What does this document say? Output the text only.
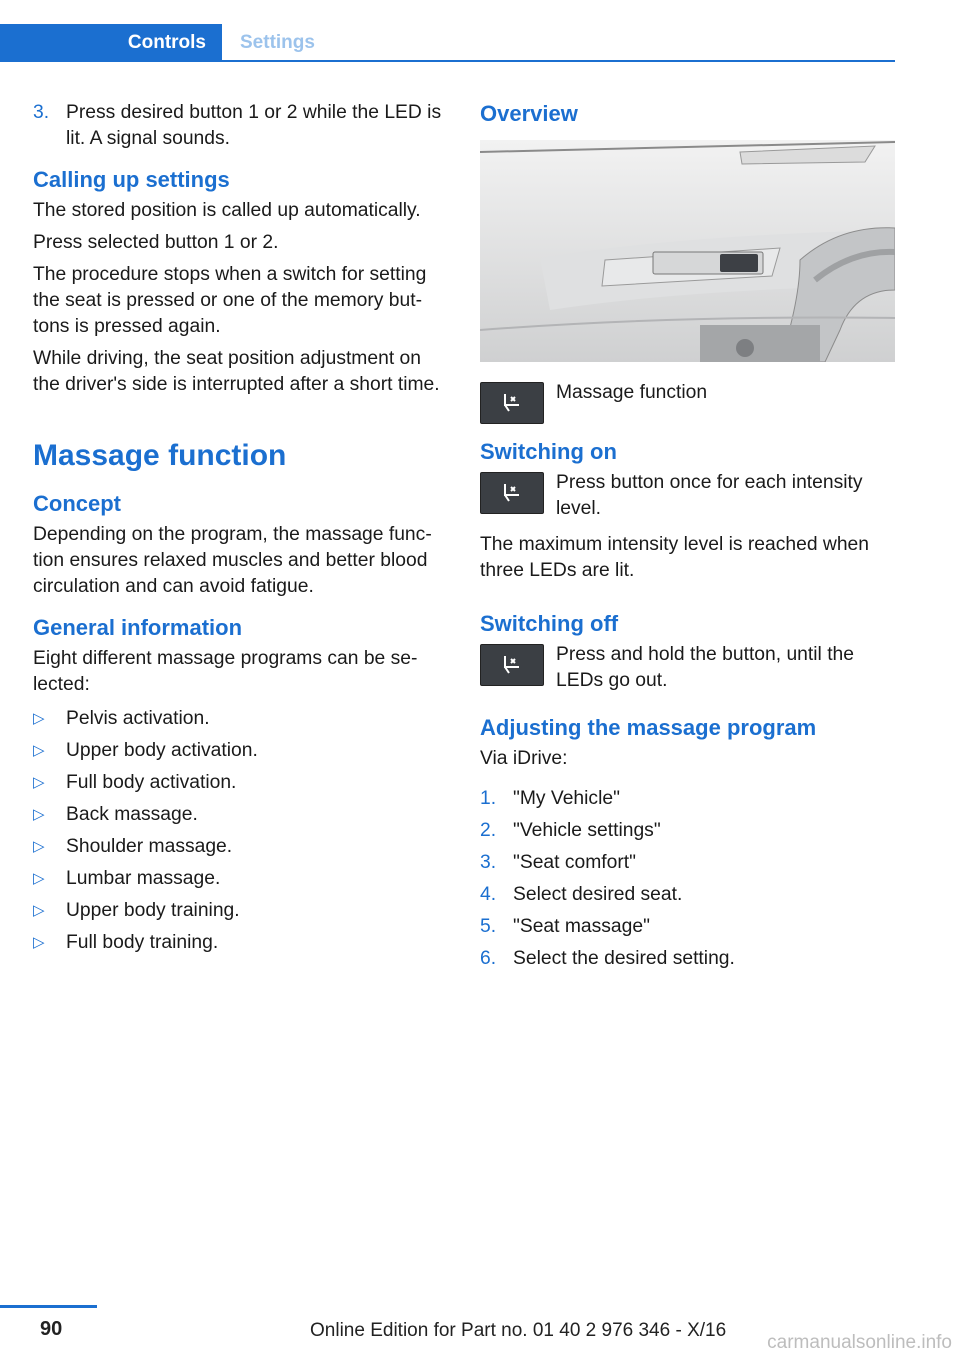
Controls	Settings
3. Press desired button 1 or 2 while the LED is lit. A signal sounds.
Calling up settings

The stored position is called up automatically.

Press selected button 1 or 2.

The procedure stops when a switch for setting the seat is pressed or one of the memory but tons is pressed again.

While driving, the seat position adjustment on the driver's side is interrupted after a short time.

Massage function
Concept

Depending on the program, the massage func tion ensures relaxed muscles and better blood circulation and can avoid fatigue.

General information

Eight different massage programs can be se lected:

▷	Pelvis activation.
▷	Upper body activation.
▷	Full body activation.
▷	Back massage.
▷	Shoulder massage.
▷	Lumbar massage.
▷	Upper body training.
▷	Full body training.
Overview
Massage function
Switching on
Press button once for each intensity level.

The maximum intensity level is reached when three LEDs are lit.

Switching off
Press and hold the button, until the LEDs go out.
Adjusting the massage program

Via iDrive:

1. "My Vehicle"
2. "Vehicle settings"
3. "Seat comfort"
4. Select desired seat.
5. "Seat massage"
6. Select the desired setting.
90	Online Edition for Part no. 01 40 2 976 346 - X/16
carmanualsonline.info
